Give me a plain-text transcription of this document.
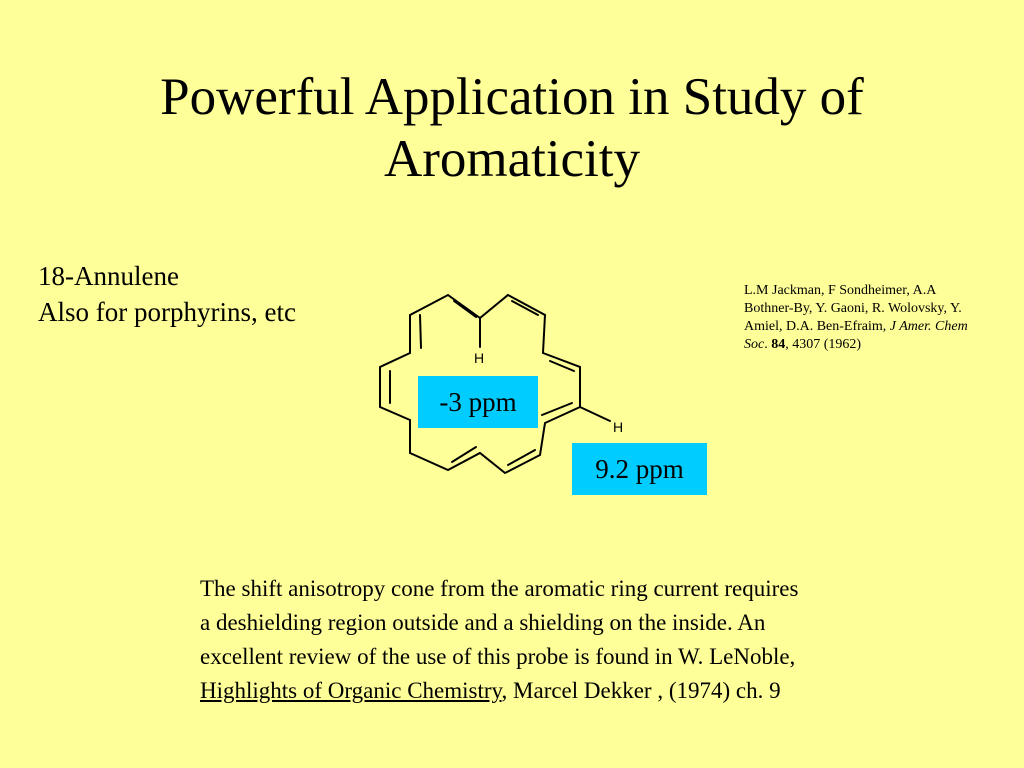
Powerful Application in Study of
Aromaticity
18-Annulene
Also for porphyrins, etc
L.M Jackman, F Sondheimer, A.A Bothner-By, Y. Gaoni, R. Wolovsky, Y. Amiel, D.A. Ben-Efraim, J Amer. Chem Soc. 84, 4307 (1962)
H
H
-3 ppm
9.2 ppm
The shift anisotropy cone from the aromatic ring current requires a deshielding region outside and a shielding on the inside. An excellent review of the use of this probe is found in W. LeNoble, Highlights of Organic Chemistry, Marcel Dekker , (1974) ch. 9
